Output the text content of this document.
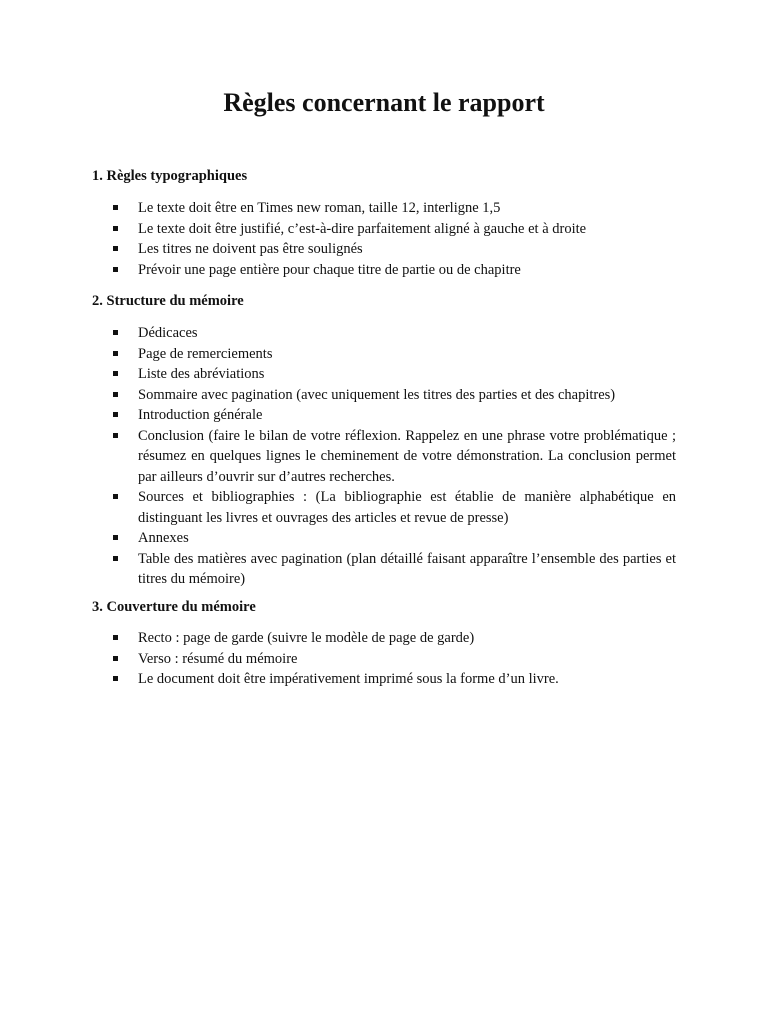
Règles concernant le rapport
1. Règles typographiques
Le texte doit être en Times new roman, taille 12, interligne 1,5
Le texte doit être justifié, c’est-à-dire parfaitement aligné à gauche et à droite
Les titres ne doivent pas être soulignés
Prévoir une page entière pour chaque titre de partie ou de chapitre
2. Structure du mémoire
Dédicaces
Page de remerciements
Liste des abréviations
Sommaire avec pagination (avec uniquement les titres des parties et des chapitres)
Introduction générale
Conclusion (faire le bilan de votre réflexion. Rappelez en une phrase votre problématique ; résumez en quelques lignes le cheminement de votre démonstration. La conclusion permet par ailleurs d’ouvrir sur d’autres recherches.
Sources et bibliographies : (La bibliographie est établie de manière alphabétique en distinguant les livres et ouvrages des articles et revue de presse)
Annexes
Table des matières avec pagination (plan détaillé faisant apparaître l’ensemble des parties et titres du mémoire)
3. Couverture du mémoire
Recto : page de garde (suivre le modèle de page de garde)
Verso : résumé du mémoire
Le document doit être impérativement imprimé sous la forme d’un livre.
